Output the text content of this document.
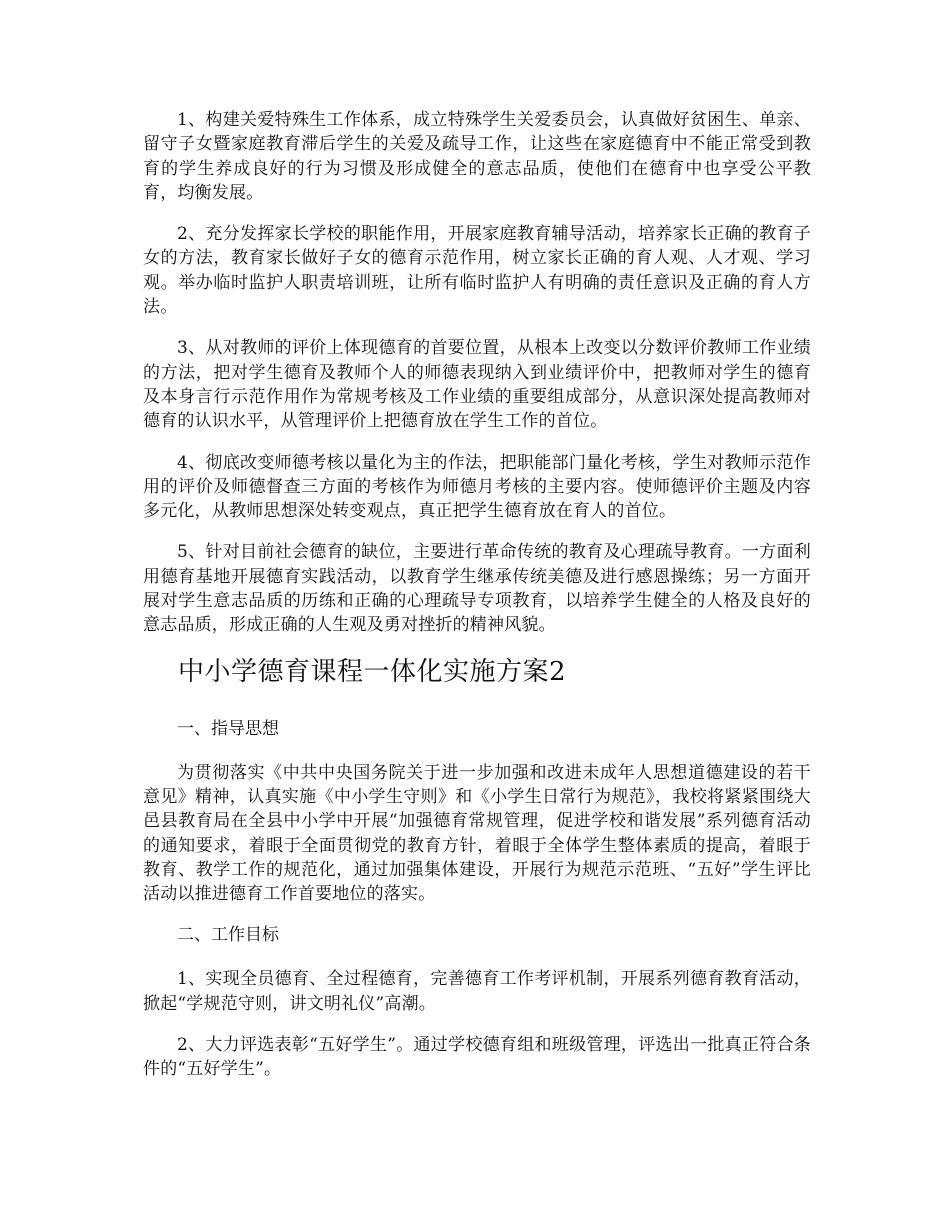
1、构建关爱特殊生工作体系，成立特殊学生关爱委员会，认真做好贫困生、单亲、留守子女暨家庭教育滞后学生的关爱及疏导工作，让这些在家庭德育中不能正常受到教育的学生养成良好的行为习惯及形成健全的意志品质，使他们在德育中也享受公平教育，均衡发展。

2、充分发挥家长学校的职能作用，开展家庭教育辅导活动，培养家长正确的教育子女的方法，教育家长做好子女的德育示范作用，树立家长正确的育人观、人才观、学习观。举办临时监护人职责培训班，让所有临时监护人有明确的责任意识及正确的育人方法。

3、从对教师的评价上体现德育的首要位置，从根本上改变以分数评价教师工作业绩的方法，把对学生德育及教师个人的师德表现纳入到业绩评价中，把教师对学生的德育及本身言行示范作用作为常规考核及工作业绩的重要组成部分，从意识深处提高教师对德育的认识水平，从管理评价上把德育放在学生工作的首位。

4、彻底改变师德考核以量化为主的作法，把职能部门量化考核，学生对教师示范作用的评价及师德督查三方面的考核作为师德月考核的主要内容。使师德评价主题及内容多元化，从教师思想深处转变观点，真正把学生德育放在育人的首位。

5、针对目前社会德育的缺位，主要进行革命传统的教育及心理疏导教育。一方面利用德育基地开展德育实践活动，以教育学生继承传统美德及进行感恩操练；另一方面开展对学生意志品质的历练和正确的心理疏导专项教育，以培养学生健全的人格及良好的意志品质，形成正确的人生观及勇对挫折的精神风貌。

中小学德育课程一体化实施方案2

一、指导思想

为贯彻落实《中共中央国务院关于进一步加强和改进未成年人思想道德建设的若干意见》精神，认真实施《中小学生守则》和《小学生日常行为规范》，我校将紧紧围绕大邑县教育局在全县中小学中开展“加强德育常规管理，促进学校和谐发展”系列德育活动的通知要求，着眼于全面贯彻党的教育方针，着眼于全体学生整体素质的提高，着眼于教育、教学工作的规范化，通过加强集体建设，开展行为规范示范班、“五好”学生评比活动以推进德育工作首要地位的落实。

二、工作目标

1、实现全员德育、全过程德育，完善德育工作考评机制，开展系列德育教育活动，掀起“学规范守则，讲文明礼仪”高潮。

2、大力评选表彰“五好学生”。通过学校德育组和班级管理，评选出一批真正符合条件的“五好学生”。
